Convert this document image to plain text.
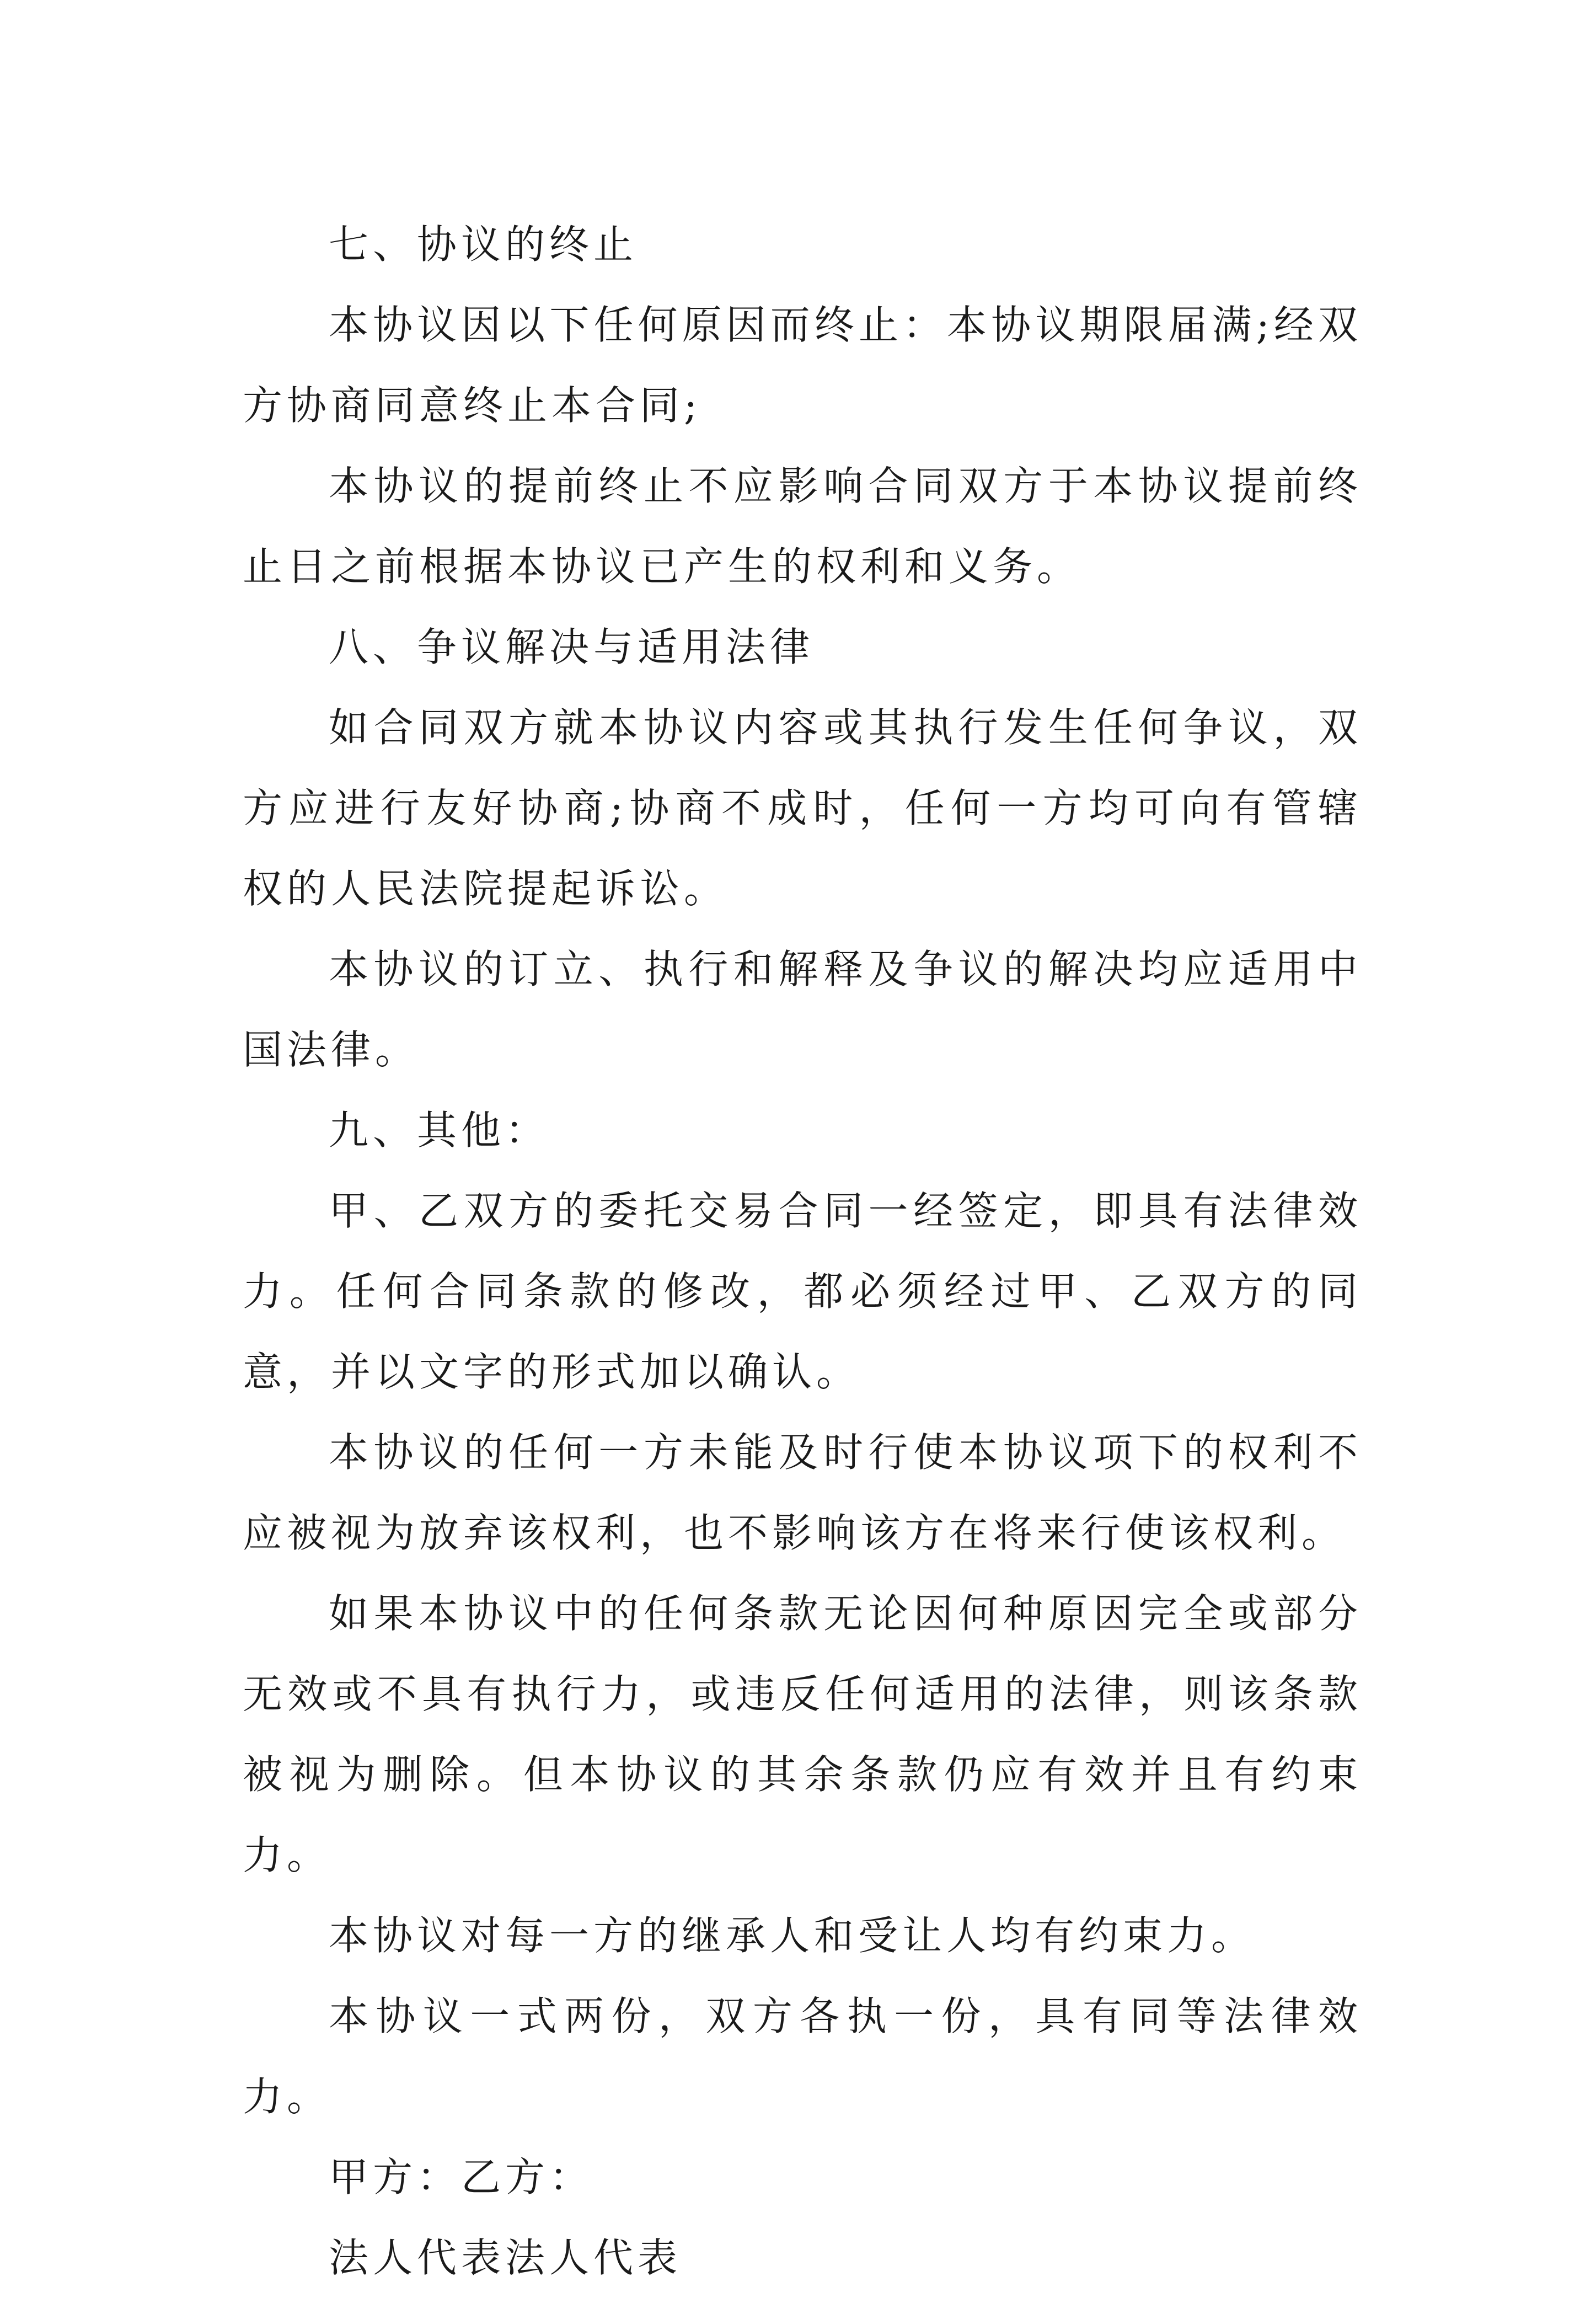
七、协议的终止

本协议因以下任何原因而终止：本协议期限届满;经双方协商同意终止本合同;

本协议的提前终止不应影响合同双方于本协议提前终止日之前根据本协议已产生的权利和义务。

八、争议解决与适用法律

如合同双方就本协议内容或其执行发生任何争议，双方应进行友好协商;协商不成时，任何一方均可向有管辖权的人民法院提起诉讼。

本协议的订立、执行和解释及争议的解决均应适用中国法律。

九、其他：

甲、乙双方的委托交易合同一经签定，即具有法律效力。任何合同条款的修改，都必须经过甲、乙双方的同意，并以文字的形式加以确认。

本协议的任何一方未能及时行使本协议项下的权利不应被视为放弃该权利，也不影响该方在将来行使该权利。

如果本协议中的任何条款无论因何种原因完全或部分无效或不具有执行力，或违反任何适用的法律，则该条款被视为删除。但本协议的其余条款仍应有效并且有约束力。

本协议对每一方的继承人和受让人均有约束力。

本协议一式两份，双方各执一份，具有同等法律效力。

甲方：乙方：

法人代表法人代表
